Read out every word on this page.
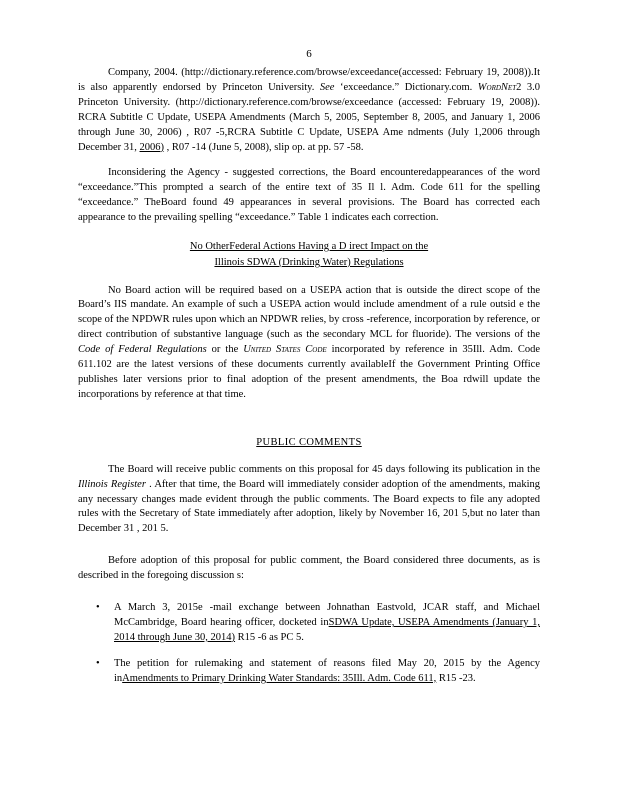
6

Company, 2004. (http://dictionary.reference.com/browse/exceedance(accessed: February 19, 2008)).It is also apparently endorsed by Princeton University. See ‘exceedance.” Dictionary.com. WordNet2 3.0 Princeton University. (http://dictionary.reference.com/browse/exceedance (accessed: February 19, 2008)). RCRA Subtitle C Update, USEPA Amendments (March 5, 2005, September 8, 2005, and January 1, 2006 through June 30, 2006) , R07 -5,RCRA Subtitle C Update, USEPA Ame ndments (July 1,2006 through December 31, 2006) , R07 -14 (June 5, 2008), slip op. at pp. 57 -58.

Inconsidering the Agency - suggested corrections, the Board encounteredappearances of the word “exceedance.”This prompted a search of the entire text of 35 Il l. Adm. Code 611 for the spelling “exceedance.” TheBoard found 49 appearances in several provisions. The Board has corrected each appearance to the prevailing spelling “exceedance.” Table 1 indicates each correction.

No OtherFederal Actions Having a D irect Impact on the
Illinois SDWA (Drinking Water) Regulations

No Board action will be required based on a USEPA action that is outside the direct scope of the Board’s IIS mandate. An example of such a USEPA action would include amendment of a rule outsid e the scope of the NPDWR rules upon which an NPDWR relies, by cross -reference, incorporation by reference, or direct contribution of substantive language (such as the secondary MCL for fluoride). The versions of the Code of Federal Regulations or the United States Code incorporated by reference in 35Ill. Adm. Code 611.102 are the latest versions of these documents currently availableIf the Government Printing Office publishes later versions prior to final adoption of the present amendments, the Boa rdwill update the incorporations by reference at that time.

PUBLIC COMMENTS

The Board will receive public comments on this proposal for 45 days following its publication in the Illinois Register . After that time, the Board will immediately consider adoption of the amendments, making any necessary changes made evident through the public comments. The Board expects to file any adopted rules with the Secretary of State immediately after adoption, likely by November 16, 201 5,but no later than December 31 , 201 5.

Before adoption of this proposal for public comment, the Board considered three documents, as is described in the foregoing discussion s:

• A March 3, 2015e -mail exchange between Johnathan Eastvold, JCAR staff, and Michael McCambridge, Board hearing officer, docketed inSDWA Update, USEPA Amendments (January 1, 2014 through June 30, 2014) R15 -6 as PC 5.
• The petition for rulemaking and statement of reasons filed May 20, 2015 by the Agency inAmendments to Primary Drinking Water Standards: 35Ill. Adm. Code 611, R15 -23.
